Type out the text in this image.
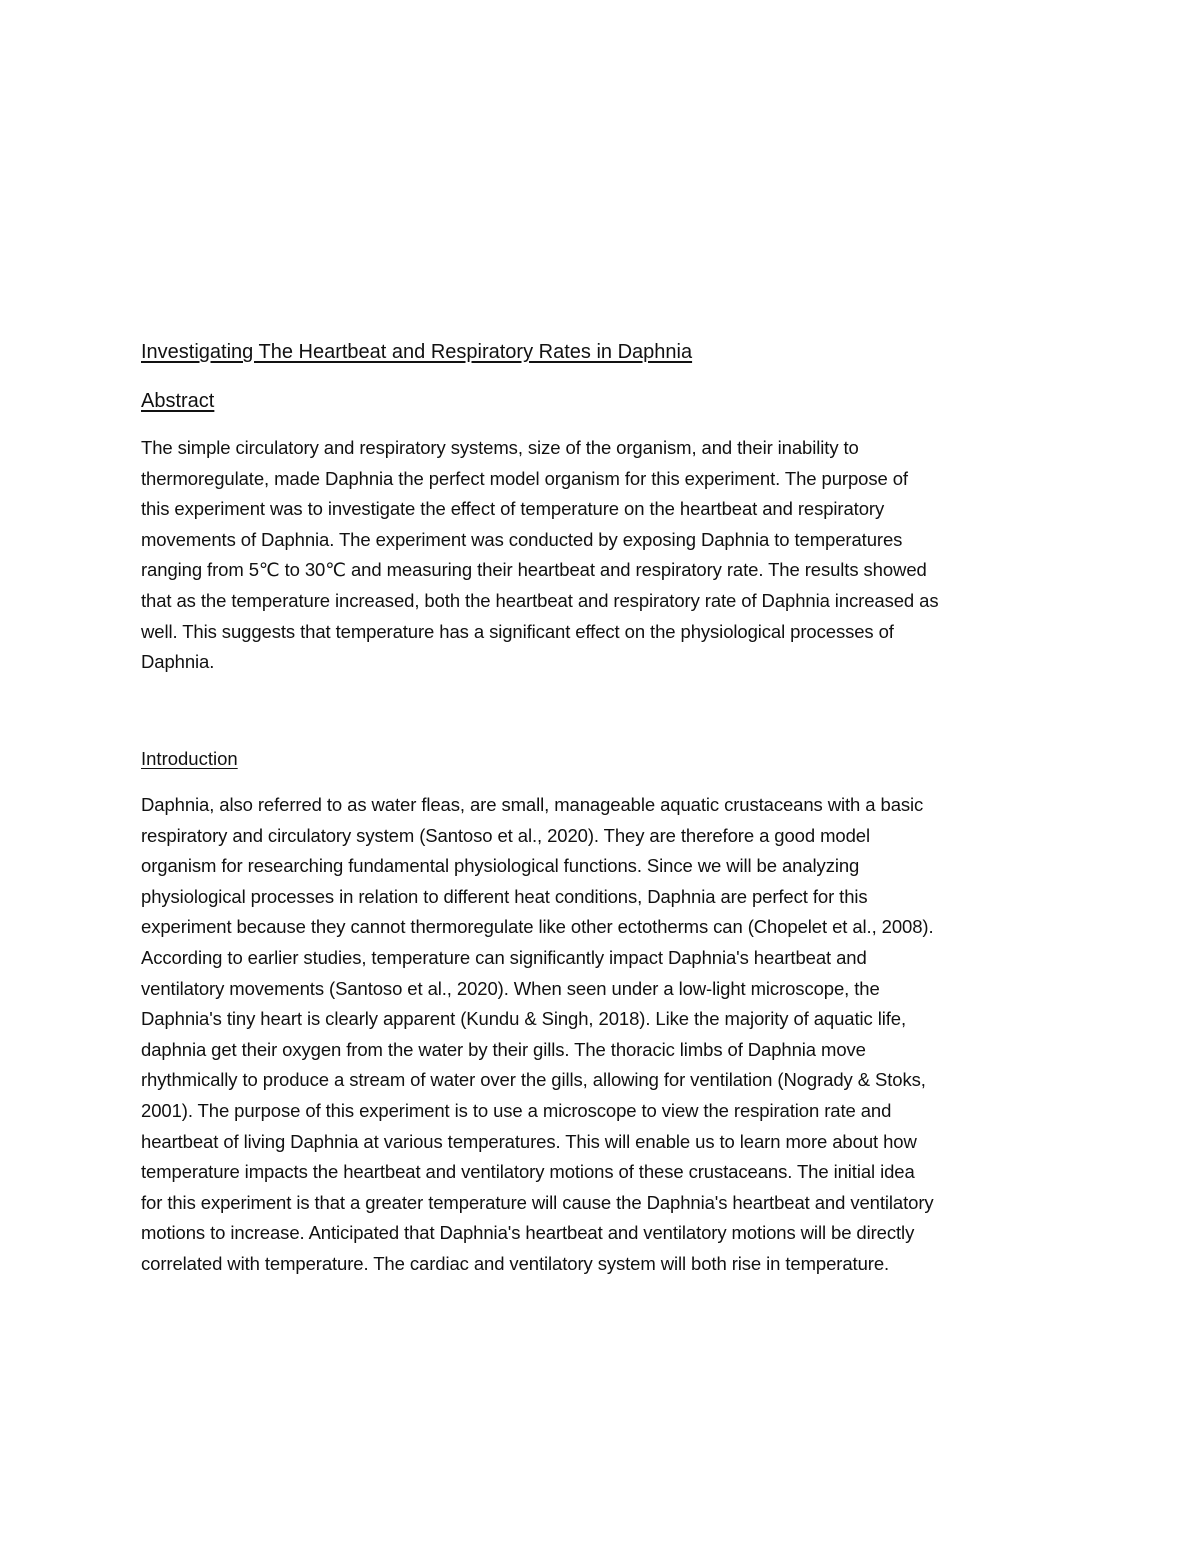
Investigating The Heartbeat and Respiratory Rates in Daphnia
Abstract
The simple circulatory and respiratory systems, size of the organism, and their inability to
thermoregulate, made Daphnia the perfect model organism for this experiment. The purpose of
this experiment was to investigate the effect of temperature on the heartbeat and respiratory
movements of Daphnia. The experiment was conducted by exposing Daphnia to temperatures
ranging from 5℃ to 30℃ and measuring their heartbeat and respiratory rate. The results showed
that as the temperature increased, both the heartbeat and respiratory rate of Daphnia increased as
well. This suggests that temperature has a significant effect on the physiological processes of
Daphnia.
Introduction
Daphnia, also referred to as water fleas, are small, manageable aquatic crustaceans with a basic
respiratory and circulatory system (Santoso et al., 2020). They are therefore a good model
organism for researching fundamental physiological functions. Since we will be analyzing
physiological processes in relation to different heat conditions, Daphnia are perfect for this
experiment because they cannot thermoregulate like other ectotherms can (Chopelet et al., 2008).
According to earlier studies, temperature can significantly impact Daphnia's heartbeat and
ventilatory movements (Santoso et al., 2020). When seen under a low-light microscope, the
Daphnia's tiny heart is clearly apparent (Kundu & Singh, 2018). Like the majority of aquatic life,
daphnia get their oxygen from the water by their gills. The thoracic limbs of Daphnia move
rhythmically to produce a stream of water over the gills, allowing for ventilation (Nogrady & Stoks,
2001). The purpose of this experiment is to use a microscope to view the respiration rate and
heartbeat of living Daphnia at various temperatures. This will enable us to learn more about how
temperature impacts the heartbeat and ventilatory motions of these crustaceans. The initial idea
for this experiment is that a greater temperature will cause the Daphnia's heartbeat and ventilatory
motions to increase. Anticipated that Daphnia's heartbeat and ventilatory motions will be directly
correlated with temperature. The cardiac and ventilatory system will both rise in temperature.
